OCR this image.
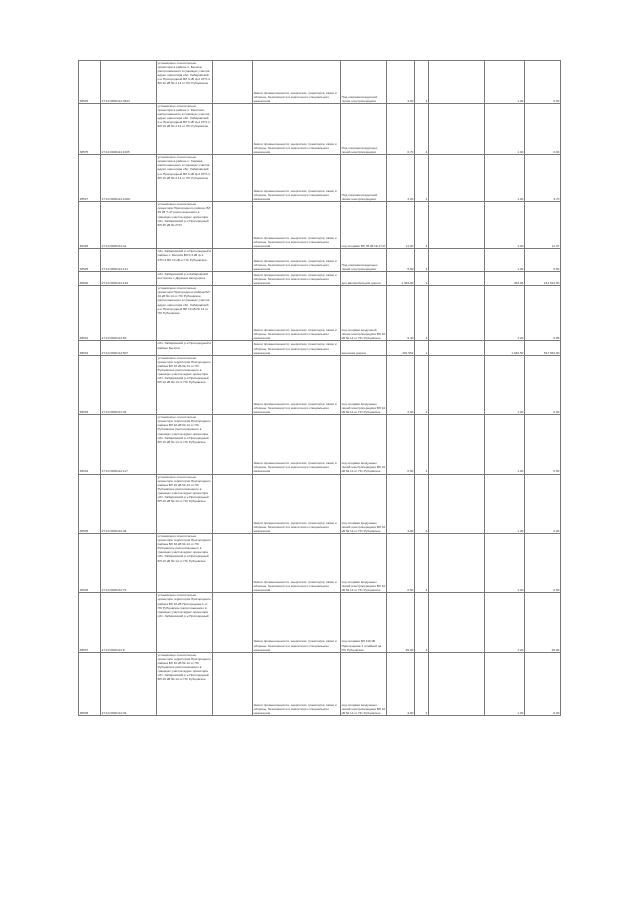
38545	27:10:0000114:3644	установлено относительно ориентира в районе п. Бычиха, расположенного в границах участка адрес ориентира обл. Хабаровский р-н Пригородный ВЛ 6 кВ ф-2 КТП-4 ВЛ 10 кВ № 4 14 от ПС Рубцовское		Земли промышленности, энергетики, транспорта, связи и обороны, безопасности и земли иного специального назначения	Под опорами воздушной линии электропередачи	4.00	4		1.00	6.00
38575	27:10:0000114:1005	установлено относительно ориентира в районе п. Ракитное, расположенного в границах участка адрес ориентира обл. Хабаровский р-н Пригородный ВЛ 6 кВ ф-2 КТП-4 ВЛ 10 кВ № 4 14 от ПС Рубцовское		Земли промышленности, энергетики, транспорта, связи и обороны, безопасности и земли иного специального назначения	Под опорами воздушных линий электропередачи	0.70	4		1.00	0.00
38527	27:10:0000114:1008	установлено относительно ориентира в районе п. Гаровка, расположенного в границах участка адрес ориентира обл. Хабаровский р-н Пригородный ВЛ 6 кВ ф-2 КТП-4 ВЛ 10 кВ № 4 14 от ПС Рубцовское		Земли промышленности, энергетики, транспорта, связи и обороны, безопасности и земли иного специального назначения	Под опорами воздушной линии электропередачи	3.20	4		1.00	3.70
38426	27:10:0000114:41	установлено относительно ориентира Пригородного района, ВЛ 35 кВ Т-47 расположенного в границах участка адрес ориентира обл. Хабаровский р-н Пригородный ВЛ 35 кВ № 2747		Земли промышленности, энергетики, транспорта, связи и обороны, безопасности и земли иного специального назначения	под опорами ВЛ 35 кВ № 2747	11.00	4		1.00	11.07
38525	27:10:0000114:141	обл. Хабаровский р-н Пригородный в районе с. Бычиха ВЛ 0,4 кВ ф-1 КТП-4 ВЛ 10 кВ от ПС Рубцовское		Земли промышленности, энергетики, транспорта, связи и обороны, безопасности и земли иного специального назначения	Под опорами воздушных линий электропередачи	5.90	4		1.00	5.90
38530	27:10:0000114:149	обл. Хабаровский р-н Хабаровский восточнее с Дружное автодорога		Земли промышленности, энергетики, транспорта, связи и обороны, безопасности и земли иного специального назначения	для автомобильной дороги	1 364.00	1		463.84	161 524.50
38531	27:10:0000114:50	установлено относительно ориентира Пригородного района ВЛ 10 кВ № 14 от ПС Рубцовское расположенного в границах участка адрес ориентира обл. Хабаровский р-н Пригородный ВЛ 10 кВ № 14 от ПС Рубцовское		Земли промышленности, энергетики, транспорта, связи и обороны, безопасности и земли иного специального назначения	под опорами воздушной линии электропередачи ВЛ 10 кВ № 14 от ПС Рубцовское	6.40	4		1.00	6.85
38532	27:10:0000114:507	обл. Хабаровский р-н Пригородный в районе Бычиха		Земли промышленности, энергетики, транспорта, связи и обороны, безопасности и земли иного специального назначения	железная дорога	491 562	1		1 640.50	547 664.00
38533	27:10:0000114:46	установлено относительно ориентира территория Пригородного района ВЛ 10 кВ № 14 от ПС Рубцовское расположенного в границах участка адрес ориентира обл. Хабаровский р-н Пригородный ВЛ 10 кВ № 14 от ПС Рубцовское		Земли промышленности, энергетики, транспорта, связи и обороны, безопасности и земли иного специального назначения	под опорами воздушных линий электропередачи ВЛ 10 кВ № 14 от ПС Рубцовское	2.00	4		1.00	0.00
38534	27:10:0000114:117	установлено относительно ориентира территория Пригородного района ВЛ 10 кВ № 14 от ПС Рубцовское расположенного в границах участка адрес ориентира обл. Хабаровский р-н Пригородный ВЛ 10 кВ № 14 от ПС Рубцовское		Земли промышленности, энергетики, транспорта, связи и обороны, безопасности и земли иного специального назначения	под опорами воздушных линий электропередачи ВЛ 10 кВ № 14 от ПС Рубцовское	0.50	4		1.00	0.50
38535	27:10:0000114:48	установлено относительно ориентира территория Пригородного района ВЛ 10 кВ № 14 от ПС Рубцовское расположенного в границах участка адрес ориентира обл. Хабаровский р-н Пригородный ВЛ 10 кВ № 14 от ПС Рубцовское		Земли промышленности, энергетики, транспорта, связи и обороны, безопасности и земли иного специального назначения	под опорами воздушных линий электропередачи ВЛ 10 кВ № 14 от ПС Рубцовское	4.00	4		1.00	0.00
38536	27:10:0000114:79	установлено относительно ориентира территория Пригородного района ВЛ 10 кВ № 14 от ПС Рубцовское расположенного в границах участка адрес ориентира обл. Хабаровский р-н Пригородный ВЛ 10 кВ № 14 от ПС Рубцовское		Земли промышленности, энергетики, транспорта, связи и обороны, безопасности и земли иного специального назначения	под опорами воздушных линий электропередачи ВЛ 10 кВ № 14 от ПС Рубцовское	0.50	4		1.00	0.50
38537	27:10:0000114:8	установлено относительно ориентира территория Пригородного района ВЛ 10 кВ Пригородная-1 от ПС Рубцовское расположенного в границах участка адрес ориентира обл. Хабаровский р-н Пригородный		Земли промышленности, энергетики, транспорта, связи и обороны, безопасности и земли иного специального назначения	под опорами ВЛ 110 кВ Пригородная-1 отпайкой на ПС Рубцовское	25.00	4		1.00	25.00
38538	27:10:0000114:39	установлено относительно ориентира территория Пригородного района ВЛ 10 кВ № 14 от ПС Рубцовское расположенного в границах участка адрес ориентира обл. Хабаровский р-н Пригородный ВЛ 10 кВ № 14 от ПС Рубцовское		Земли промышленности, энергетики, транспорта, связи и обороны, безопасности и земли иного специального назначения	под опорами воздушных линий электропередачи ВЛ 10 кВ № 14 от ПС Рубцовское	4.00	4		1.00	0.00
